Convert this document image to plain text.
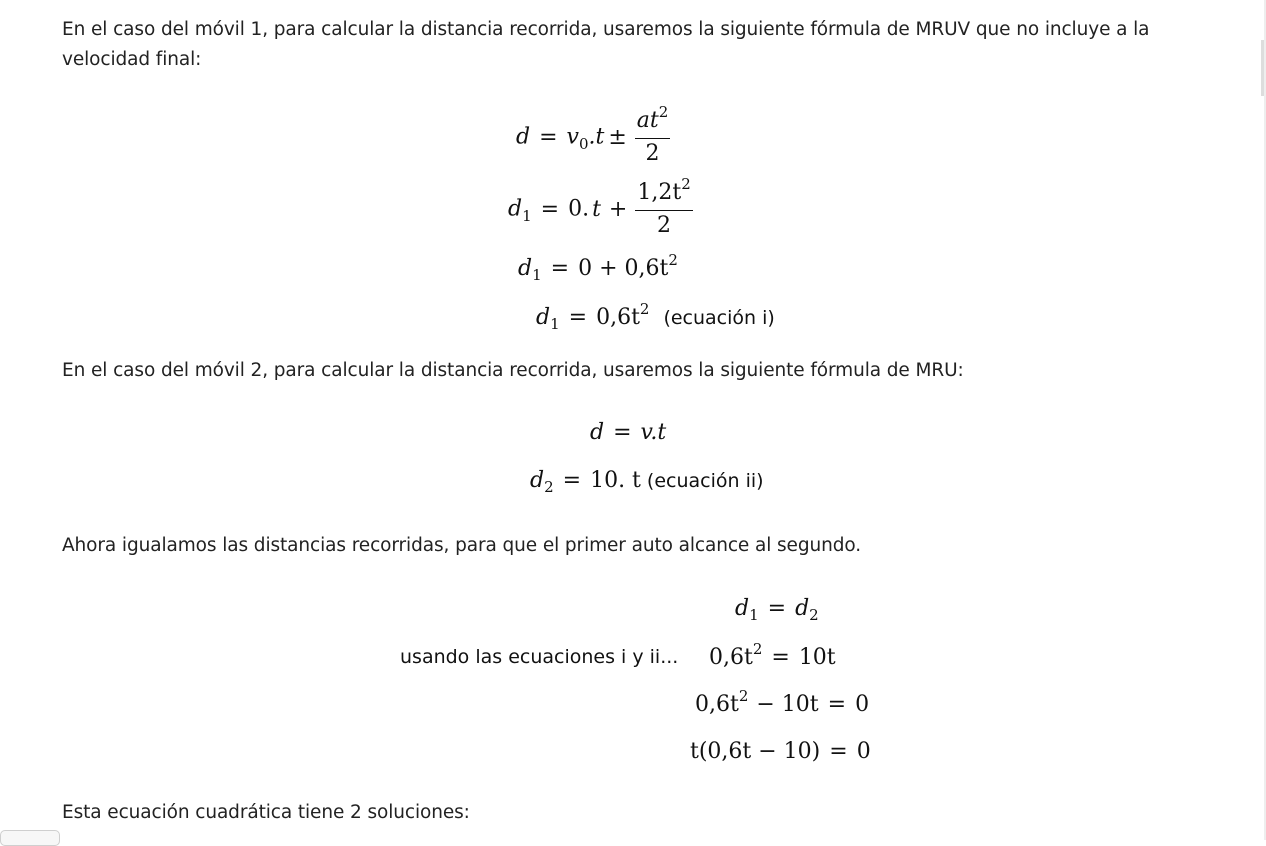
En el caso del móvil 1, para calcular la distancia recorrida, usaremos la siguiente fórmula de MRUV que no incluye a la velocidad final:

$d = v_0.t \pm \frac{at^2}{2}$
$d_1 = 0$. $t + \frac{1,2t^2}{2}$
$d_1 = 0 + 0,6t^2$
$d_1 = 0,6t^2$ (ecuación i)

En el caso del móvil 2, para calcular la distancia recorrida, usaremos la siguiente fórmula de MRU:

d = v.t
$d_2 = 10$. t (ecuación ii)

Ahora igualamos las distancias recorridas, para que el primer auto alcance al segundo.

$d_1 = d_2$
usando las ecuaciones i y ii... $0,6t^2 = 10t$
$0,6t^2 - 10t = 0$
t(0,6t − 10) = 0

Esta ecuación cuadrática tiene 2 soluciones:
